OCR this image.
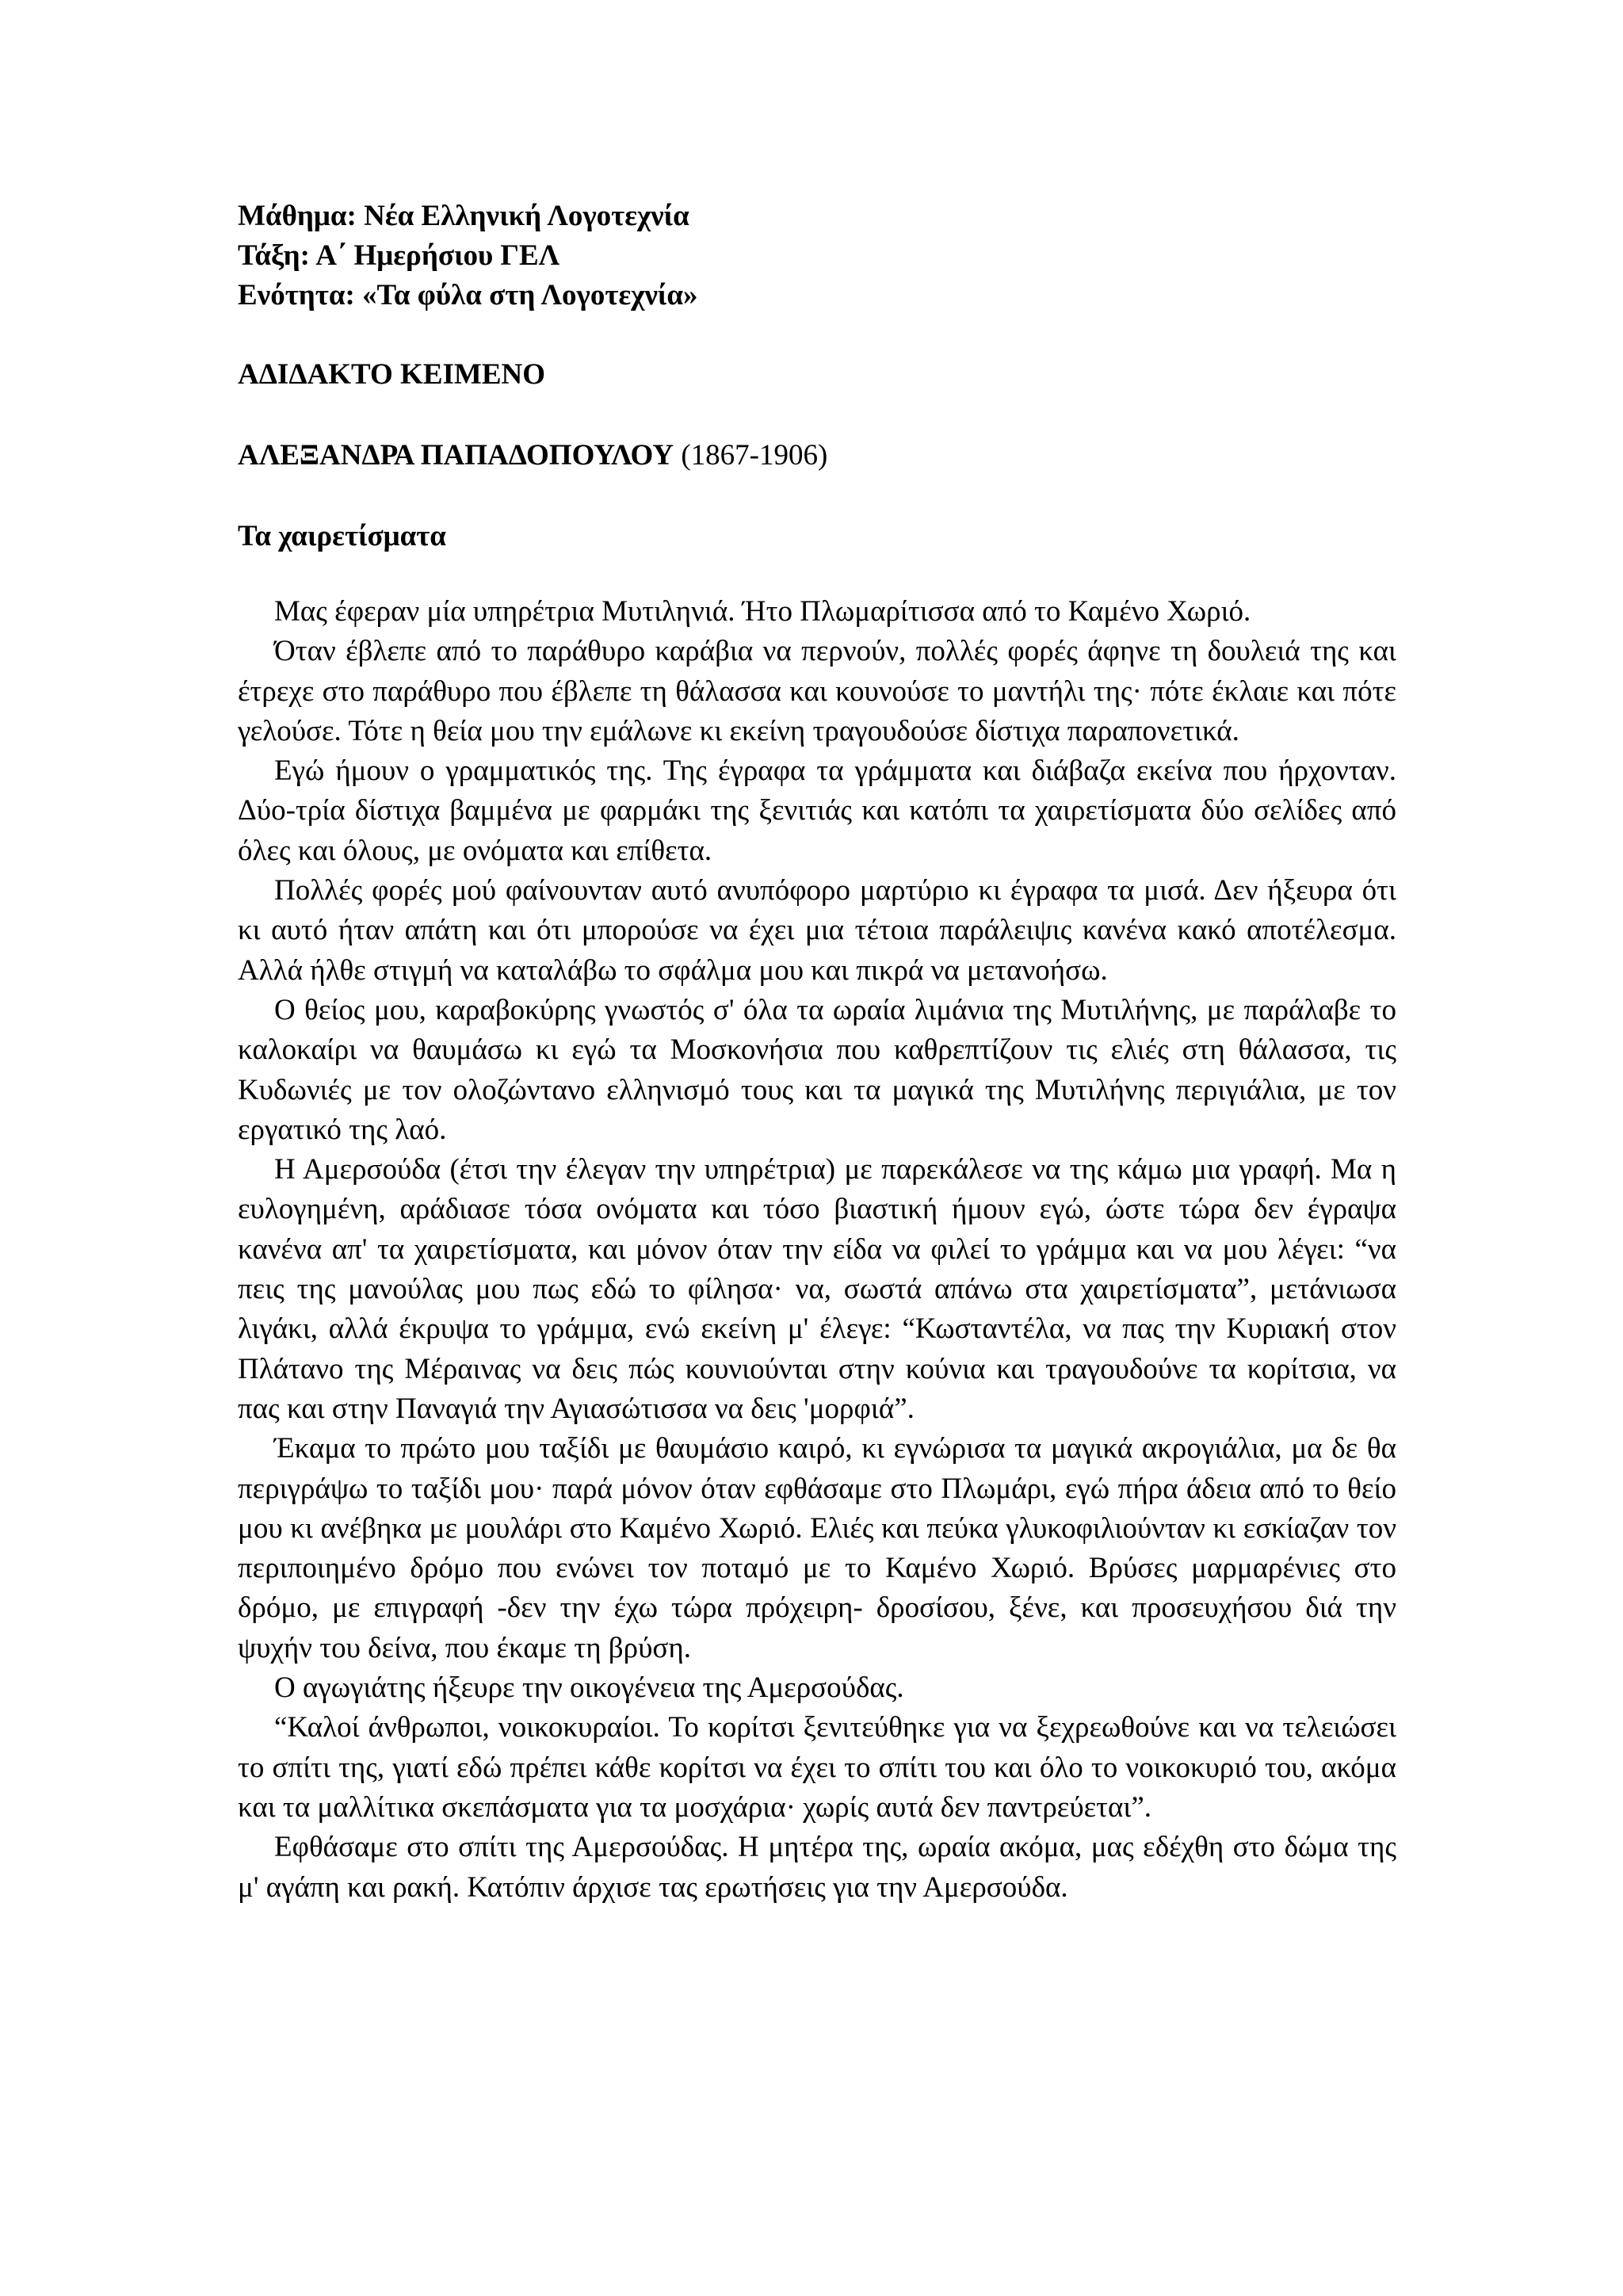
Μάθημα: Νέα Ελληνική Λογοτεχνία

Τάξη: Α΄ Ημερήσιου ΓΕΛ

Ενότητα: «Τα φύλα στη Λογοτεχνία»

ΑΔΙΔΑΚΤΟ ΚΕΙΜΕΝΟ

ΑΛΕΞΑΝΔΡΑ ΠΑΠΑΔΟΠΟΥΛΟΥ (1867-1906)

Τα χαιρετίσματα

Μας έφεραν μία υπηρέτρια Μυτιληνιά. Ήτο Πλωμαρίτισσα από το Καμένο Χωριό.

Όταν έβλεπε από το παράθυρο καράβια να περνούν, πολλές φορές άφηνε τη δουλειά της και έτρεχε στο παράθυρο που έβλεπε τη θάλασσα και κουνούσε το μαντήλι της· πότε έκλαιε και πότε γελούσε. Τότε η θεία μου την εμάλωνε κι εκείνη τραγουδούσε δίστιχα παραπονετικά.

Εγώ ήμουν ο γραμματικός της. Της έγραφα τα γράμματα και διάβαζα εκείνα που ήρχονταν. Δύο-τρία δίστιχα βαμμένα με φαρμάκι της ξενιτιάς και κατόπι τα χαιρετίσματα δύο σελίδες από όλες και όλους, με ονόματα και επίθετα.

Πολλές φορές μού φαίνουνταν αυτό ανυπόφορο μαρτύριο κι έγραφα τα μισά. Δεν ήξευρα ότι κι αυτό ήταν απάτη και ότι μπορούσε να έχει μια τέτοια παράλειψις κανένα κακό αποτέλεσμα. Αλλά ήλθε στιγμή να καταλάβω το σφάλμα μου και πικρά να μετανοήσω.

Ο θείος μου, καραβοκύρης γνωστός σ' όλα τα ωραία λιμάνια της Μυτιλήνης, με παράλαβε το καλοκαίρι να θαυμάσω κι εγώ τα Μοσκονήσια που καθρεπτίζουν τις ελιές στη θάλασσα, τις Κυδωνιές με τον ολοζώντανο ελληνισμό τους και τα μαγικά της Μυτιλήνης περιγιάλια, με τον εργατικό της λαό.

Η Αμερσούδα (έτσι την έλεγαν την υπηρέτρια) με παρεκάλεσε να της κάμω μια γραφή. Μα η ευλογημένη, αράδιασε τόσα ονόματα και τόσο βιαστική ήμουν εγώ, ώστε τώρα δεν έγραψα κανένα απ' τα χαιρετίσματα, και μόνον όταν την είδα να φιλεί το γράμμα και να μου λέγει: “να πεις της μανούλας μου πως εδώ το φίλησα· να, σωστά απάνω στα χαιρετίσματα”, μετάνιωσα λιγάκι, αλλά έκρυψα το γράμμα, ενώ εκείνη μ' έλεγε: “Κωσταντέλα, να πας την Κυριακή στον Πλάτανο της Μέραινας να δεις πώς κουνιούνται στην κούνια και τραγουδούνε τα κορίτσια, να πας και στην Παναγιά την Αγιασώτισσα να δεις 'μορφιά”.

Έκαμα το πρώτο μου ταξίδι με θαυμάσιο καιρό, κι εγνώρισα τα μαγικά ακρογιάλια, μα δε θα περιγράψω το ταξίδι μου· παρά μόνον όταν εφθάσαμε στο Πλωμάρι, εγώ πήρα άδεια από το θείο μου κι ανέβηκα με μουλάρι στο Καμένο Χωριό. Ελιές και πεύκα γλυκοφιλιούνταν κι εσκίαζαν τον περιποιημένο δρόμο που ενώνει τον ποταμό με το Καμένο Χωριό. Βρύσες μαρμαρένιες στο δρόμο, με επιγραφή -δεν την έχω τώρα πρόχειρη- δροσίσου, ξένε, και προσευχήσου διά την ψυχήν του δείνα, που έκαμε τη βρύση.

Ο αγωγιάτης ήξευρε την οικογένεια της Αμερσούδας.

“Καλοί άνθρωποι, νοικοκυραίοι. Το κορίτσι ξενιτεύθηκε για να ξεχρεωθούνε και να τελειώσει το σπίτι της, γιατί εδώ πρέπει κάθε κορίτσι να έχει το σπίτι του και όλο το νοικοκυριό του, ακόμα και τα μαλλίτικα σκεπάσματα για τα μοσχάρια· χωρίς αυτά δεν παντρεύεται”.

Εφθάσαμε στο σπίτι της Αμερσούδας. Η μητέρα της, ωραία ακόμα, μας εδέχθη στο δώμα της μ' αγάπη και ρακή. Κατόπιν άρχισε τας ερωτήσεις για την Αμερσούδα.
